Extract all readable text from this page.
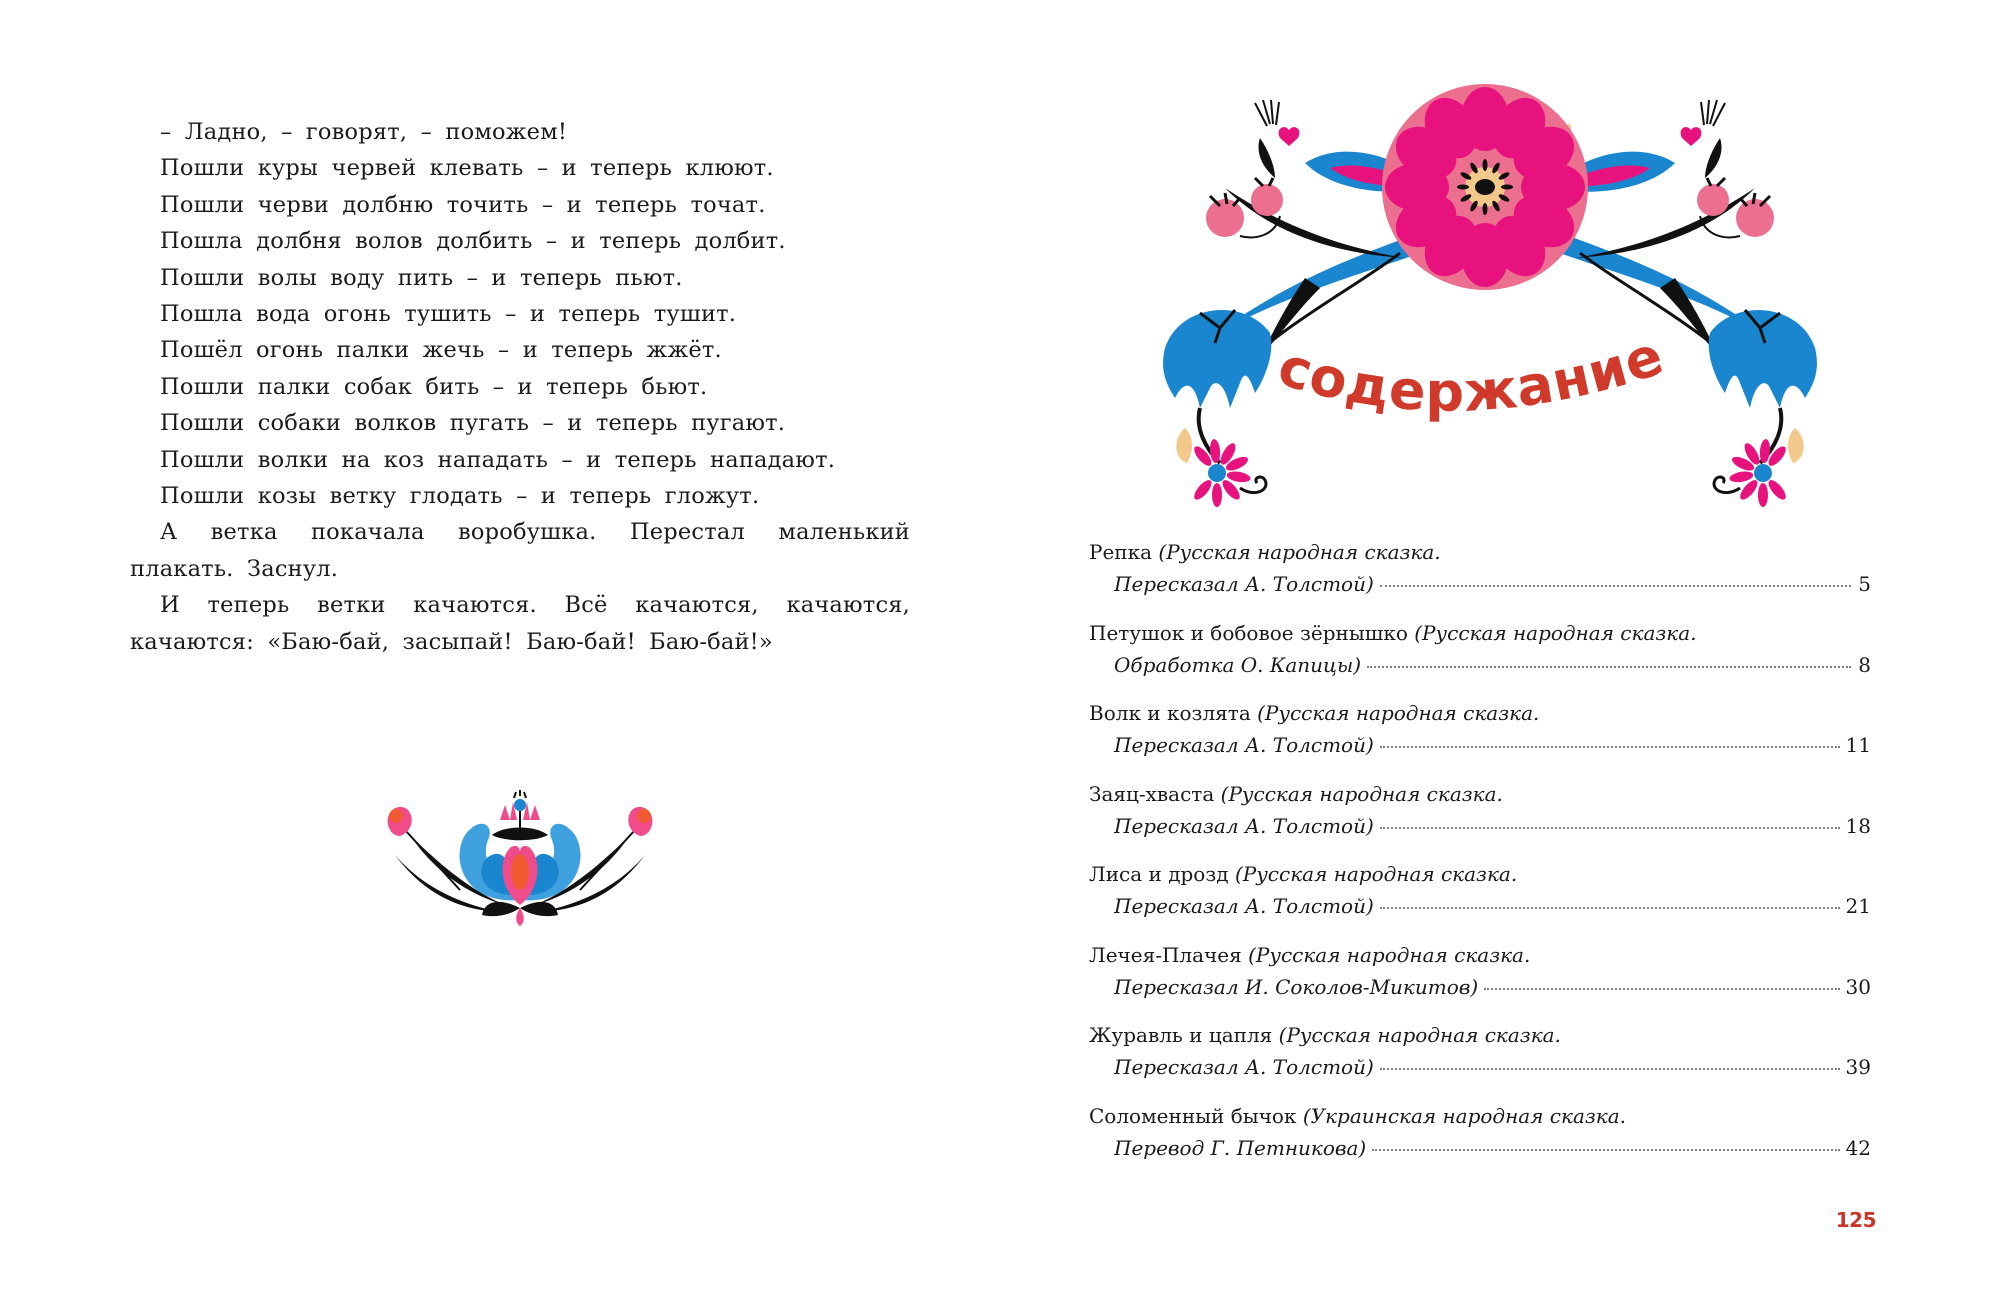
– Ладно, – говорят, – поможем!

Пошли куры червей клевать – и теперь клюют.

Пошли черви долбню точить – и теперь точат.

Пошла долбня волов долбить – и теперь долбит.

Пошли волы воду пить – и теперь пьют.

Пошла вода огонь тушить – и теперь тушит.

Пошёл огонь палки жечь – и теперь жжёт.

Пошли палки собак бить – и теперь бьют.

Пошли собаки волков пугать – и теперь пугают.

Пошли волки на коз нападать – и теперь нападают.

Пошли козы ветку глодать – и теперь гложут.

А ветка покачала воробушка. Перестал маленький плакать. Заснул.

И теперь ветки качаются. Всё качаются, качаются, качаются: «Баю-бай, засыпай! Баю-бай! Баю-бай!»

содержание
Репка (Русская народная сказка.
Пересказал А. Толстой)	5
Петушок и бобовое зёрнышко (Русская народная сказка.
Обработка О. Капицы)	8
Волк и козлята (Русская народная сказка.
Пересказал А. Толстой)	11
Заяц-хваста (Русская народная сказка.
Пересказал А. Толстой)	18
Лиса и дрозд (Русская народная сказка.
Пересказал А. Толстой)	21
Лечея-Плачея (Русская народная сказка.
Пересказал И. Соколов-Микитов)	30
Журавль и цапля (Русская народная сказка.
Пересказал А. Толстой)	39
Соломенный бычок (Украинская народная сказка.
Перевод Г. Петникова)	42
125
